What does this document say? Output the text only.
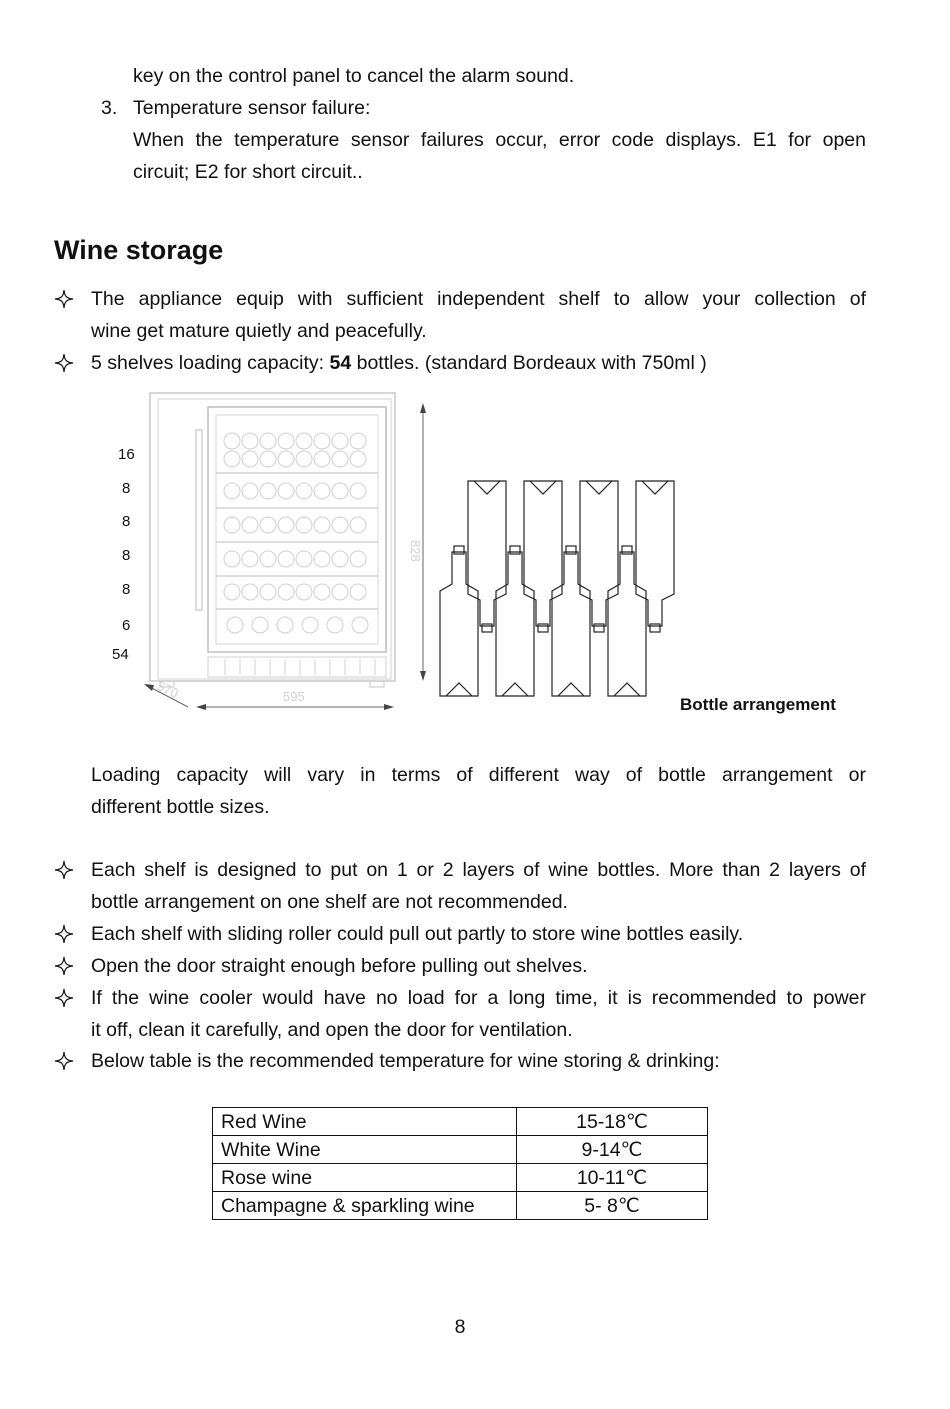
key on the control panel to cancel the alarm sound.
3. Temperature sensor failure:
When the temperature sensor failures occur, error code displays. E1 for open
circuit; E2 for short circuit..
Wine storage
The appliance equip with sufficient independent shelf to allow your collection of
wine get mature quietly and peacefully.
5 shelves loading capacity: 54 bottles. (standard Bordeaux with 750ml )
828
595
570
16
8
8
8
8
6
54
Bottle arrangement
Loading capacity will vary in terms of different way of bottle arrangement or
different bottle sizes.
Each shelf is designed to put on 1 or 2 layers of wine bottles. More than 2 layers of
bottle arrangement on one shelf are not recommended.
Each shelf with sliding roller could pull out partly to store wine bottles easily.
Open the door straight enough before pulling out shelves.
If the wine cooler would have no load for a long time, it is recommended to power
it off, clean it carefully, and open the door for ventilation.
Below table is the recommended temperature for wine storing & drinking:
Red Wine	15-18℃
White Wine	9-14℃
Rose wine	10-11℃
Champagne & sparkling wine	5- 8℃
8
